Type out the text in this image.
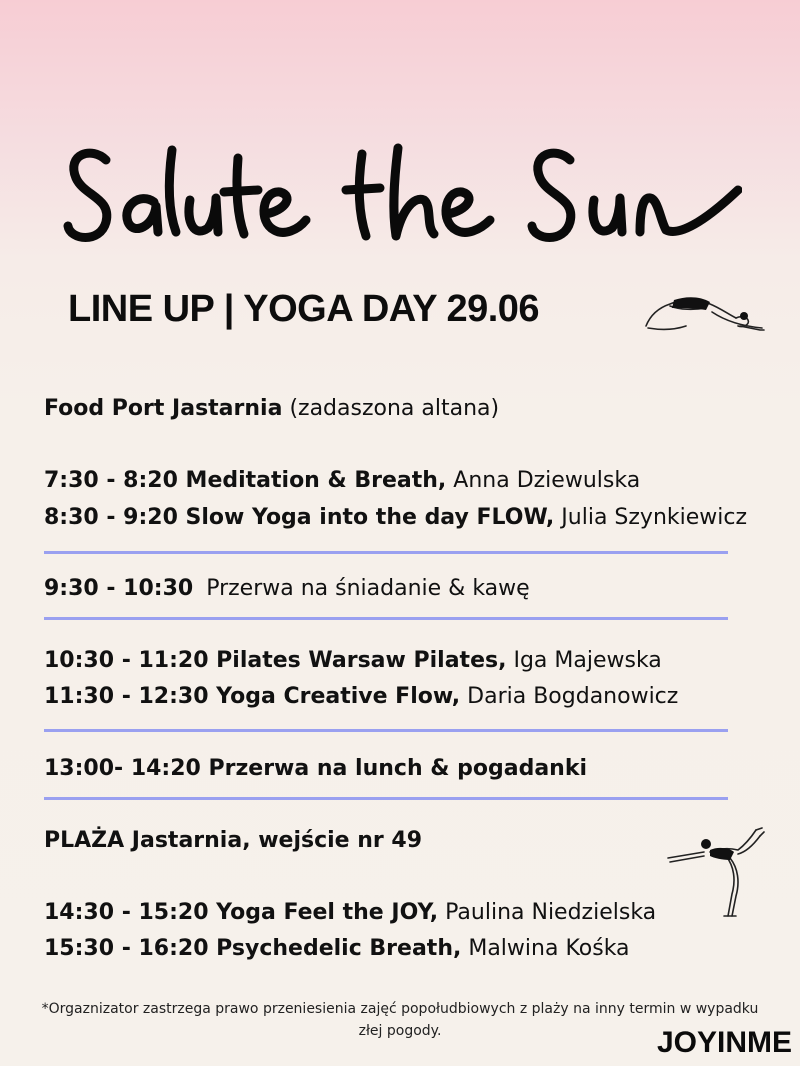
LINE UP | YOGA DAY 29.06
Food Port Jastarnia (zadaszona altana)
7:30 - 8:20 Meditation & Breath, Anna Dziewulska
8:30 - 9:20 Slow Yoga into the day FLOW, Julia Szynkiewicz
9:30 - 10:30 Przerwa na śniadanie & kawę
10:30 - 11:20 Pilates Warsaw Pilates, Iga Majewska
11:30 - 12:30 Yoga Creative Flow, Daria Bogdanowicz
13:00- 14:20 Przerwa na lunch & pogadanki
PLAŻA Jastarnia, wejście nr 49
14:30 - 15:20 Yoga Feel the JOY, Paulina Niedzielska
15:30 - 16:20 Psychedelic Breath, Malwina Kośka
*Orgaznizator zastrzega prawo przeniesienia zajęć popołudbiowych z plaży na inny termin w wypadku złej pogody.	JOYINME
